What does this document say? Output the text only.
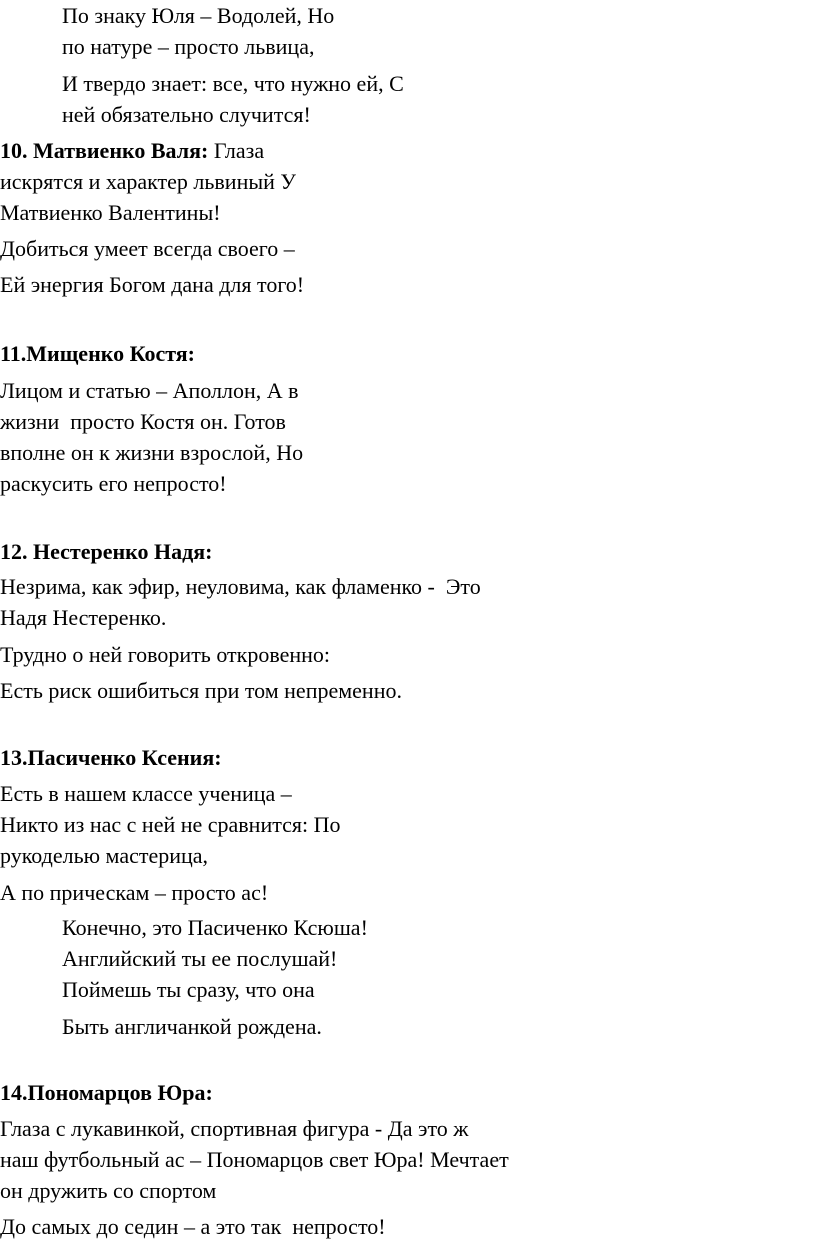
По знаку Юля – Водолей, Но
по натуре – просто львица,
И твердо знает: все, что нужно ей, С
ней обязательно случится!
10. Матвиенко Валя: Глаза
искрятся и характер львиный У
Матвиенко Валентины!
Добиться умеет всегда своего –
Ей энергия Богом дана для того!
11.Мищенко Костя:
Лицом и статью – Аполлон, А в
жизни  просто Костя он. Готов
вполне он к жизни взрослой, Но
раскусить его непросто!
12. Нестеренко Надя:
Незрима, как эфир, неуловима, как фламенко -  Это
Надя Нестеренко.
Трудно о ней говорить откровенно:
Есть риск ошибиться при том непременно.
13.Пасиченко Ксения:
Есть в нашем классе ученица –
Никто из нас с ней не сравнится: По
рукоделью мастерица,
А по прическам – просто ас!
Конечно, это Пасиченко Ксюша!
Английский ты ее послушай!
Поймешь ты сразу, что она
Быть англичанкой рождена.
14.Пономарцов Юра:
Глаза с лукавинкой, спортивная фигура - Да это ж
наш футбольный ас – Пономарцов свет Юра! Мечтает
он дружить со спортом
До самых до седин – а это так  непросто!
